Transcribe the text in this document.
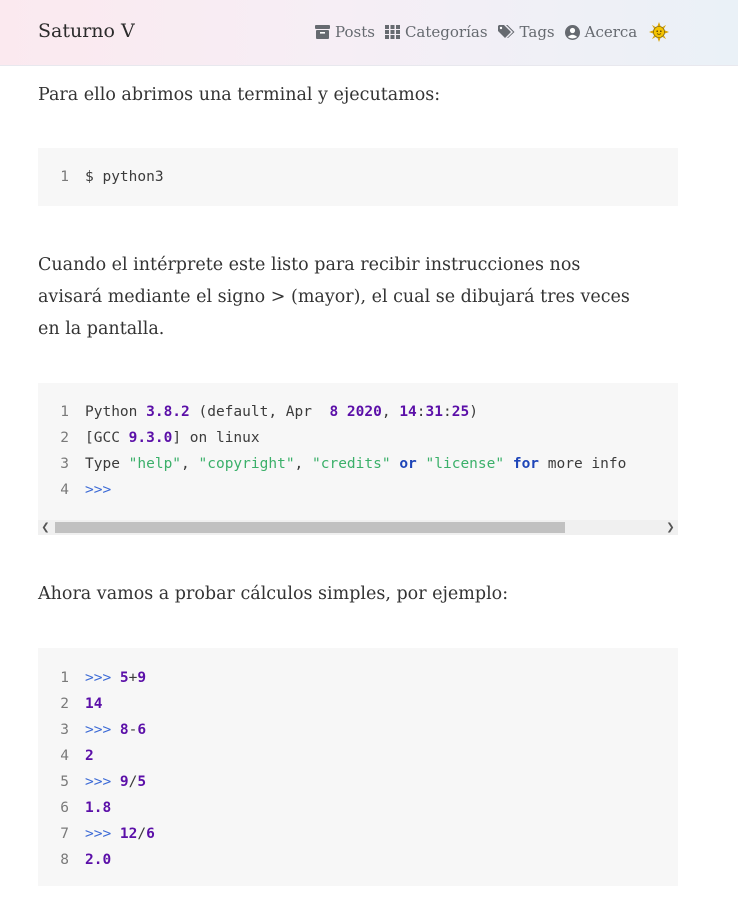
Saturno V	Posts Categorías Tags Acerca

Para ello abrimos una terminal y ejecutamos:

1 $ python3
Cuando el intérprete este listo para recibir instrucciones nos
avisará mediante el signo > (mayor), el cual se dibujará tres veces
en la pantalla.
1 Python 3.8.2 (default, Apr  8 2020, 14:31:25)
2 [GCC 9.3.0] on linux
3 Type "help", "copyright", "credits" or "license" for more info
4 >>>
❮	❯

Ahora vamos a probar cálculos simples, por ejemplo:

1 >>> 5+9
2 14
3 >>> 8-6
4 2
5 >>> 9/5
6 1.8
7 >>> 12/6
8 2.0
